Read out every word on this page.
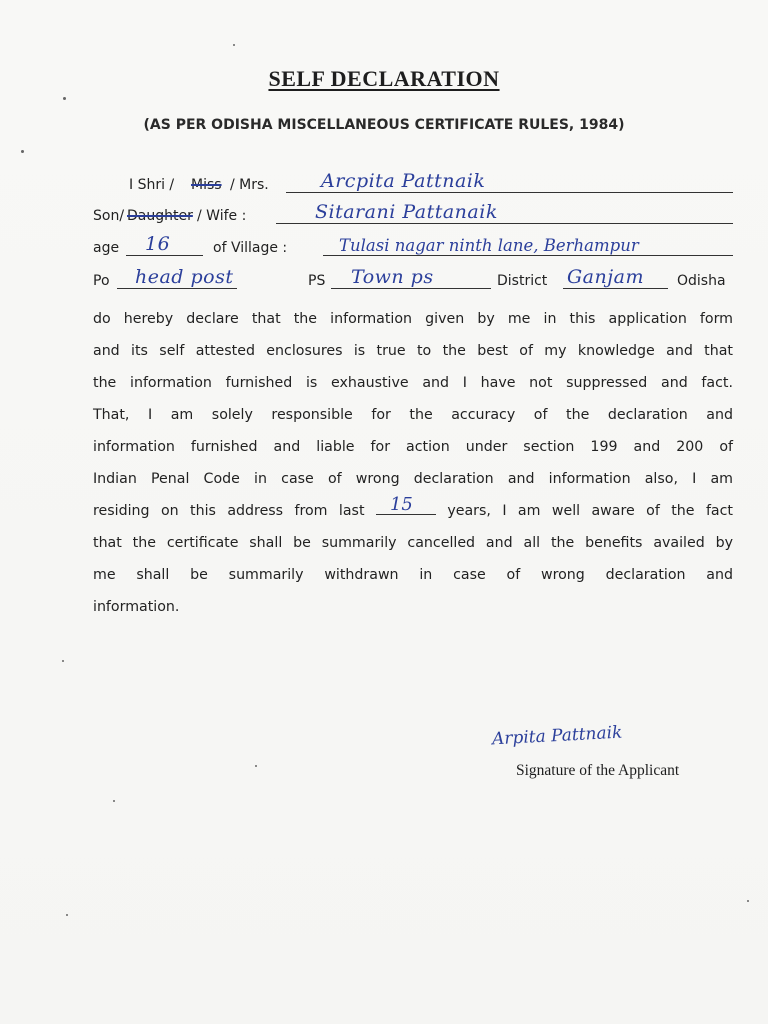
SELF DECLARATION
(AS PER ODISHA MISCELLANEOUS CERTIFICATE RULES, 1984)
I Shri / Miss / Mrs.	Arcpita Pattnaik
Son/ Daughter / Wife :	Sitarani Pattanaik
age 16	of Village :	Tulasi nagar ninth lane, Berhampur
Po head post	PS Town ps	District Ganjam Odisha
do hereby declare that the information given by me in this application form
and its self attested enclosures is true to the best of my knowledge and that
the information furnished is exhaustive and I have not suppressed and fact.
That, I am solely responsible for the accuracy of the declaration and
information furnished and liable for action under section 199 and 200 of
Indian Penal Code in case of wrong declaration and information also, I am
residing on this address from last 15 years, I am well aware of the fact
that the certificate shall be summarily cancelled and all the benefits availed by
me shall be summarily withdrawn in case of wrong declaration and
information.
Arpita Pattnaik
Signature of the Applicant
